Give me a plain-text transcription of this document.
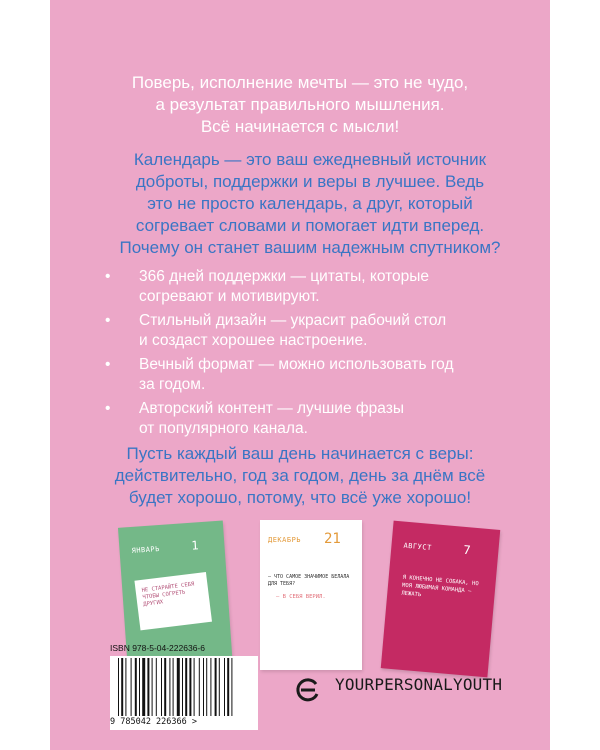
Поверь, исполнение мечты — это не чудо,
а результат правильного мышления.
Всё начинается с мысли!

Календарь — это ваш ежедневный источник
доброты, поддержки и веры в лучшее. Ведь
это не просто календарь, а друг, который
согревает словами и помогает идти вперед.
Почему он станет вашим надежным спутником?

• 366 дней поддержки — цитаты, которые
согревают и мотивируют.
• Стильный дизайн — украсит рабочий стол
и создаст хорошее настроение.
• Вечный формат — можно использовать год
за годом.
• Авторский контент — лучшие фразы
от популярного канала.

Пусть каждый ваш день начинается с веры:
действительно, год за годом, день за днём всё
будет хорошо, потому, что всё уже хорошо!

ЯНВАРЬ	1
НЕ СТАРАЙТЕ СЕБЯ ЧТОБЫ СОГРЕТЬ ДРУГИХ
ДЕКАБРЬ 21
— ЧТО САМОЕ ЗНАЧИМОЕ БЕЛАЛА ДЛЯ ТЕБЯ?
— В СЕБЯ ВЕРИЛ.
АВГУСТ	7
Я КОНЕЧНО НЕ СОБАКА, НО МОЯ ЛЮБИМАЯ КОМАНДА — ЛЕЖАТЬ
ISBN 978-5-04-222636-6
9 785042 226366 >
YOURPERSONALYOUTH
